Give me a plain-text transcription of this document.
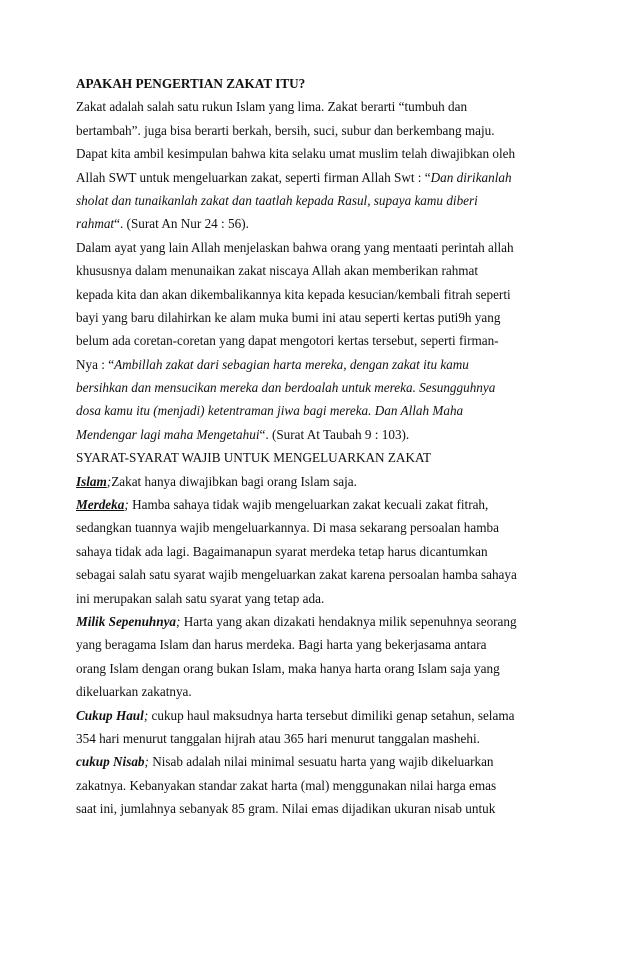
APAKAH PENGERTIAN ZAKAT ITU?
Zakat adalah salah satu rukun Islam yang lima. Zakat berarti “tumbuh dan
bertambah”. juga bisa berarti berkah, bersih, suci, subur dan berkembang maju.
Dapat kita ambil kesimpulan bahwa kita selaku umat muslim telah diwajibkan oleh
Allah SWT untuk mengeluarkan zakat, seperti firman Allah Swt : “Dan dirikanlah
sholat dan tunaikanlah zakat dan taatlah kepada Rasul, supaya kamu diberi
rahmat“. (Surat An Nur 24 : 56).
Dalam ayat yang lain Allah menjelaskan bahwa orang yang mentaati perintah allah
khususnya dalam menunaikan zakat niscaya Allah akan memberikan rahmat
kepada kita dan akan dikembalikannya kita kepada kesucian/kembali fitrah seperti
bayi yang baru dilahirkan ke alam muka bumi ini atau seperti kertas puti9h yang
belum ada coretan-coretan yang dapat mengotori kertas tersebut, seperti firman-
Nya : “Ambillah zakat dari sebagian harta mereka, dengan zakat itu kamu
bersihkan dan mensucikan mereka dan berdoalah untuk mereka. Sesungguhnya
dosa kamu itu (menjadi) ketentraman jiwa bagi mereka. Dan Allah Maha
Mendengar lagi maha Mengetahui“. (Surat At Taubah 9 : 103).
SYARAT-SYARAT WAJIB UNTUK MENGELUARKAN ZAKAT
Islam;Zakat hanya diwajibkan bagi orang Islam saja.
Merdeka; Hamba sahaya tidak wajib mengeluarkan zakat kecuali zakat fitrah,
sedangkan tuannya wajib mengeluarkannya. Di masa sekarang persoalan hamba
sahaya tidak ada lagi. Bagaimanapun syarat merdeka tetap harus dicantumkan
sebagai salah satu syarat wajib mengeluarkan zakat karena persoalan hamba sahaya
ini merupakan salah satu syarat yang tetap ada.
Milik Sepenuhnya; Harta yang akan dizakati hendaknya milik sepenuhnya seorang
yang beragama Islam dan harus merdeka. Bagi harta yang bekerjasama antara
orang Islam dengan orang bukan Islam, maka hanya harta orang Islam saja yang
dikeluarkan zakatnya.
Cukup Haul; cukup haul maksudnya harta tersebut dimiliki genap setahun, selama
354 hari menurut tanggalan hijrah atau 365 hari menurut tanggalan mashehi.
cukup Nisab; Nisab adalah nilai minimal sesuatu harta yang wajib dikeluarkan
zakatnya. Kebanyakan standar zakat harta (mal) menggunakan nilai harga emas
saat ini, jumlahnya sebanyak 85 gram. Nilai emas dijadikan ukuran nisab untuk
